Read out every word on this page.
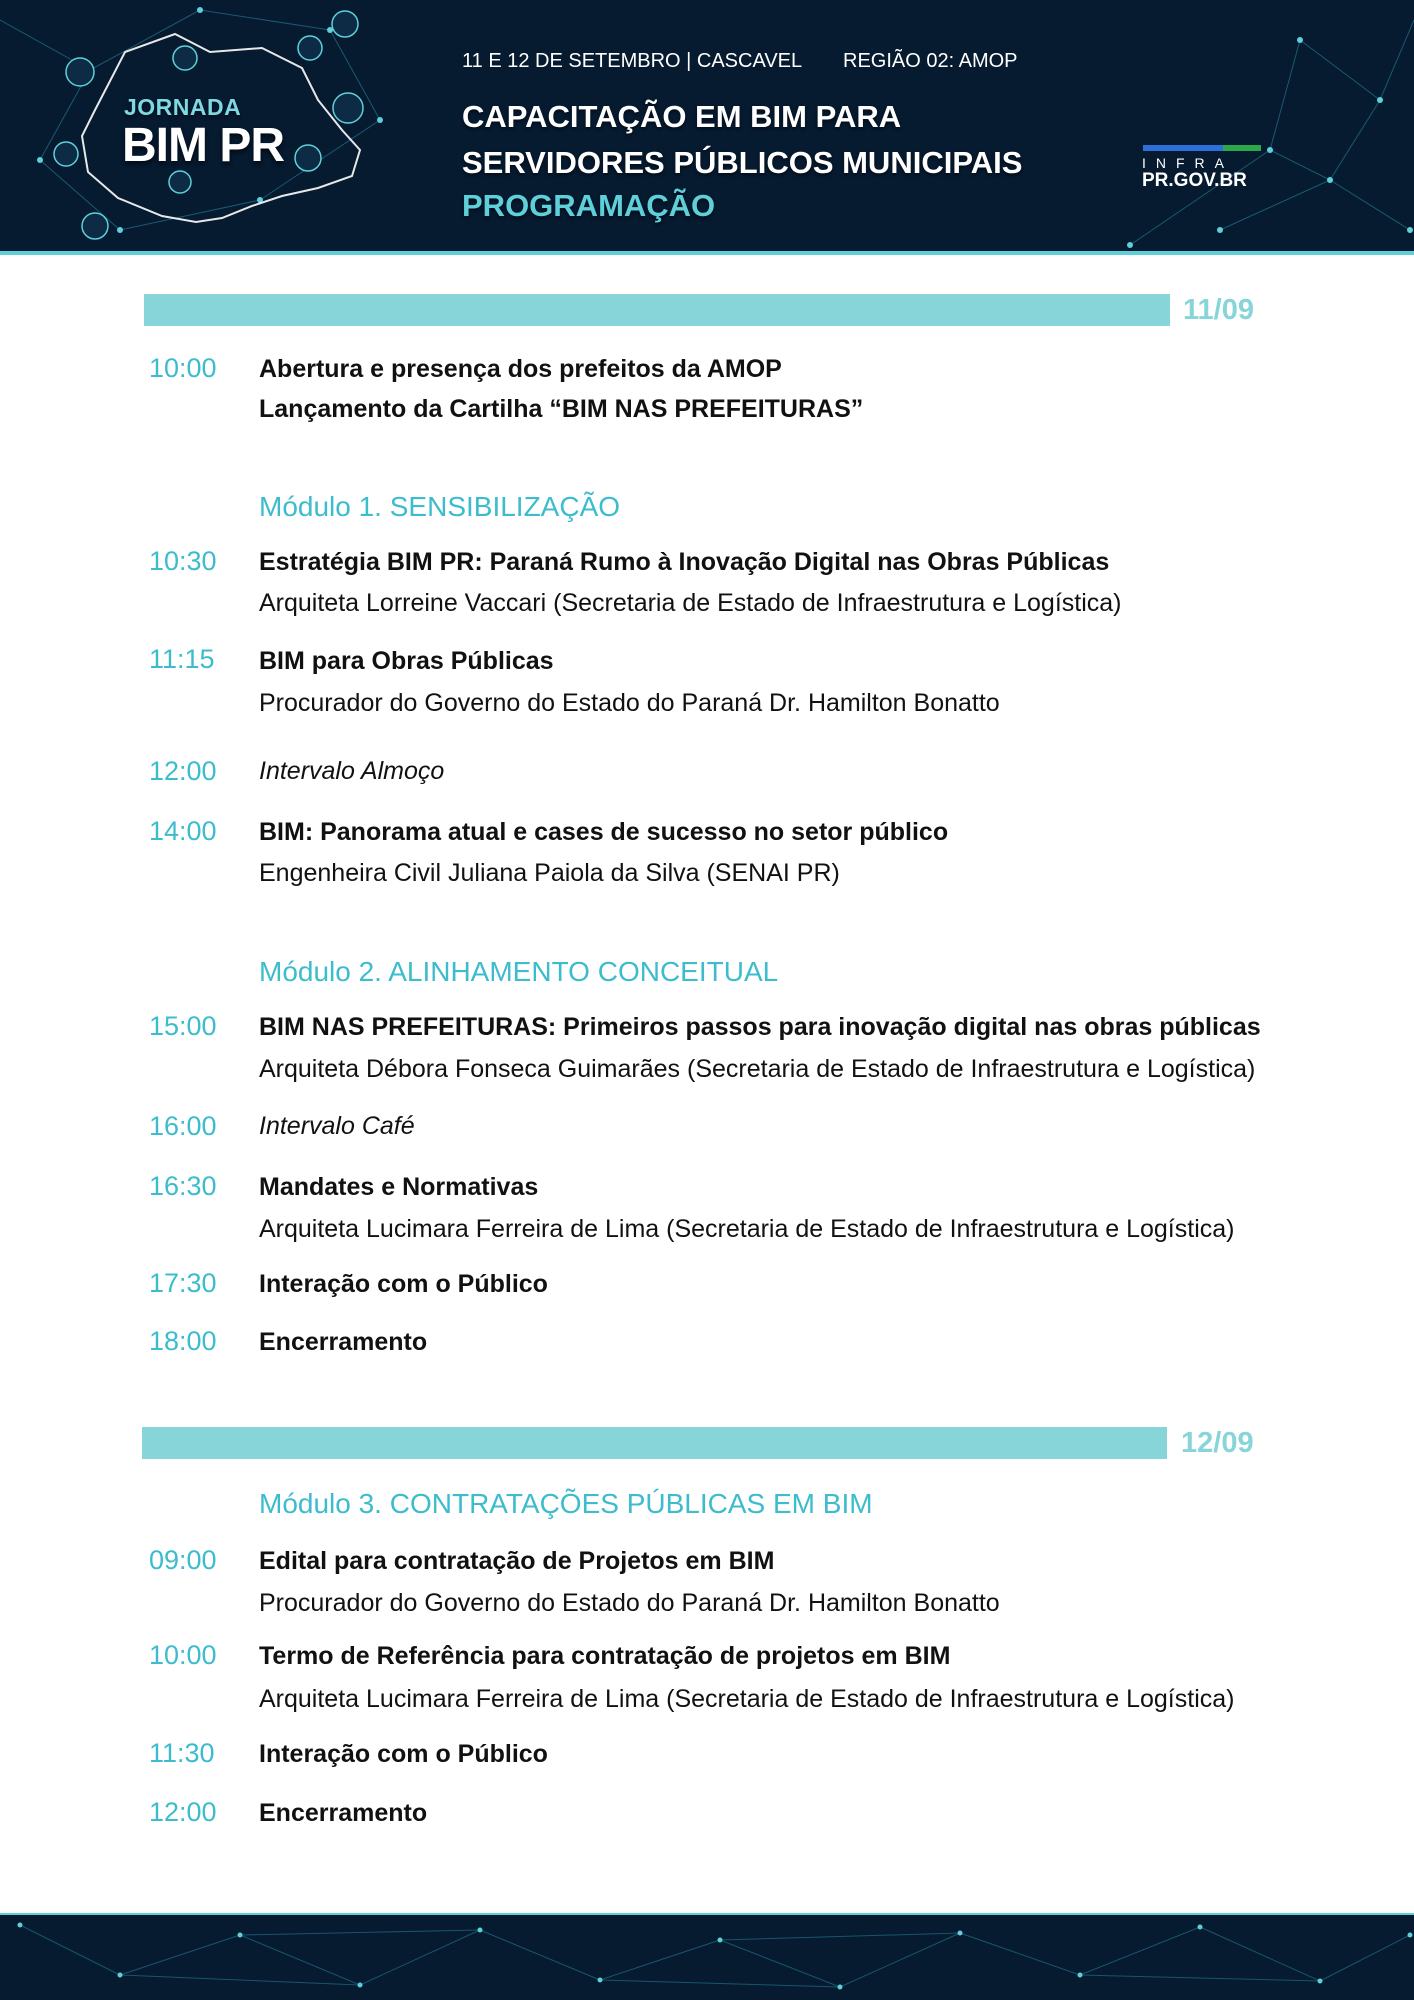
JORNADA
BIM PR
11 E 12 DE SETEMBRO | CASCAVEL REGIÃO 02: AMOP
CAPACITAÇÃO EM BIM PARA
SERVIDORES PÚBLICOS MUNICIPAIS
PROGRAMAÇÃO
INFRA
PR.GOV.BR
11/09
10:00 Abertura e presença dos prefeitos da AMOP
Lançamento da Cartilha “BIM NAS PREFEITURAS”
Módulo 1. SENSIBILIZAÇÃO
10:30 Estratégia BIM PR: Paraná Rumo à Inovação Digital nas Obras Públicas
Arquiteta Lorreine Vaccari (Secretaria de Estado de Infraestrutura e Logística)
11:15 BIM para Obras Públicas
Procurador do Governo do Estado do Paraná Dr. Hamilton Bonatto
12:00 Intervalo Almoço
14:00 BIM: Panorama atual e cases de sucesso no setor público
Engenheira Civil Juliana Paiola da Silva (SENAI PR)
Módulo 2. ALINHAMENTO CONCEITUAL
15:00 BIM NAS PREFEITURAS: Primeiros passos para inovação digital nas obras públicas
Arquiteta Débora Fonseca Guimarães (Secretaria de Estado de Infraestrutura e Logística)
16:00 Intervalo Café
16:30 Mandates e Normativas
Arquiteta Lucimara Ferreira de Lima (Secretaria de Estado de Infraestrutura e Logística)
17:30 Interação com o Público
18:00 Encerramento
12/09
Módulo 3. CONTRATAÇÕES PÚBLICAS EM BIM
09:00 Edital para contratação de Projetos em BIM
Procurador do Governo do Estado do Paraná Dr. Hamilton Bonatto
10:00 Termo de Referência para contratação de projetos em BIM
Arquiteta Lucimara Ferreira de Lima (Secretaria de Estado de Infraestrutura e Logística)
11:30 Interação com o Público
12:00 Encerramento
